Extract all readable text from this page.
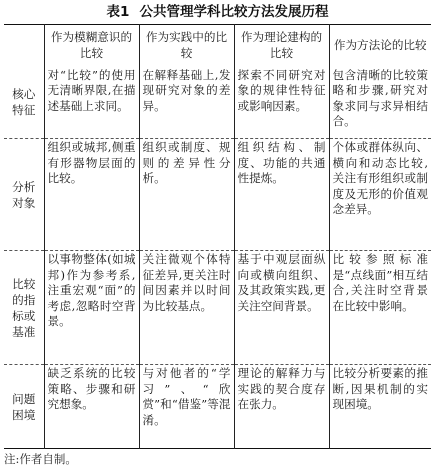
表1 公共管理学科比较方法发展历程
	作为模糊意识的比较	作为实践中的比较	作为理论建构的比较	作为方法论的比较
核心特征	对“比较”的使用无清晰界限,在描述基础上求同。	在解释基础上,发现研究对象的差异。	探索不同研究对象的规律性特征或影响因素。	包含清晰的比较策略和步骤,研究对象求同与求异相结合。
分析对象	组织或城邦,侧重有形器物层面的比较。	组织或制度、规则的差异性分析。	组织结构、制度、功能的共通性提炼。	个体或群体纵向、横向和动态比较,关注有形组织或制度及无形的价值观念差异。
比较的指标或基准	以事物整体(如城邦)作为参考系,注重宏观“面”的考虑,忽略时空背景。	关注微观个体特征差异,更关注时间因素并以时间为比较基点。	基于中观层面纵向或横向组织、及其政策实践,更关注空间背景。	比较参照标准是“点线面”相互结合,关注时空背景在比较中影响。
问题困境	缺乏系统的比较策略、步骤和研究想象。	与对他者的“学习”、“欣赏”和“借鉴”等混淆。	理论的解释力与实践的契合度存在张力。	比较分析要素的推断,因果机制的实现困境。
注:作者自制。
